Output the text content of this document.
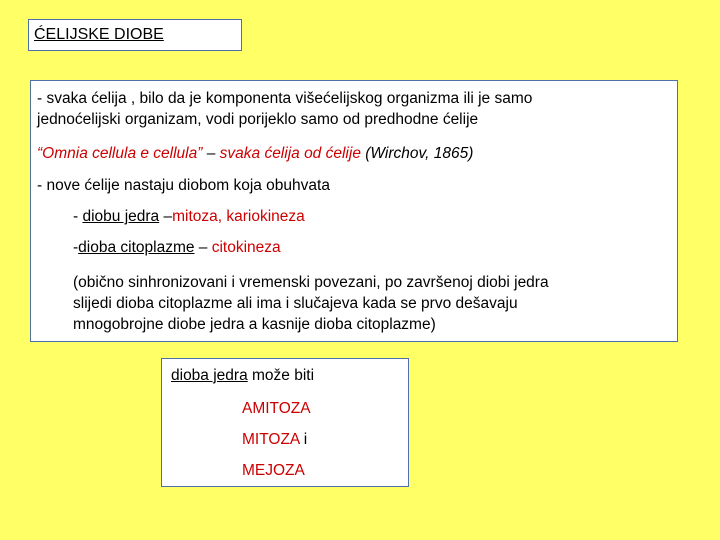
ĆELIJSKE DIOBE
- svaka ćelija , bilo da je komponenta višećelijskog organizma ili je samo
jednoćelijski organizam, vodi porijeklo samo od predhodne ćelije
“Omnia cellula e cellula” – svaka ćelija od ćelije (Wirchov, 1865)
- nove ćelije nastaju diobom koja obuhvata
- diobu jedra –mitoza, kariokineza
-dioba citoplazme – citokineza
(obično sinhronizovani i vremenski povezani, po završenoj diobi jedra
slijedi dioba citoplazme ali ima i slučajeva kada se prvo dešavaju
mnogobrojne diobe jedra a kasnije dioba citoplazme)
dioba jedra može biti
AMITOZA
MITOZA i
MEJOZA
